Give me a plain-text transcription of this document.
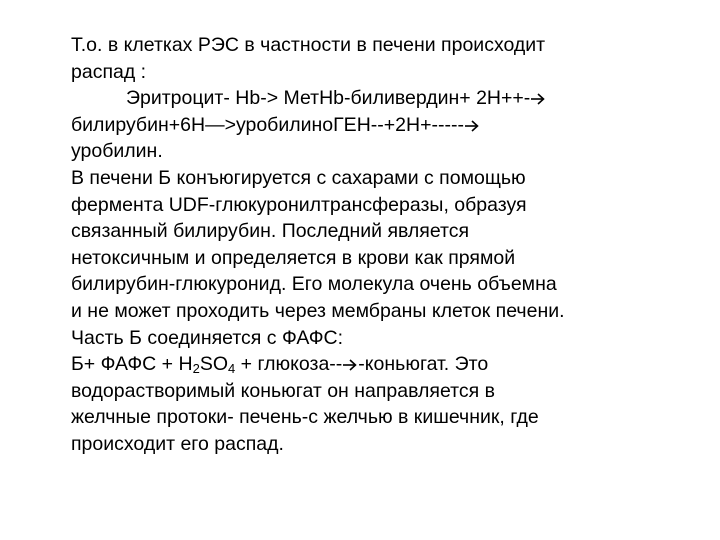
Т.о. в клетках РЭС в частности в печени происходит
распад :
Эритроцит- Hb-> МетHb-биливердин+ 2H++-
билирубин+6H—>уробилиноГЕН--+2H+-----
уробилин.
В печени Б конъюгируется с сахарами с помощью
фермента UDF-глюкуронилтрансферазы, образуя
связанный билирубин. Последний является
нетоксичным и определяется в крови как прямой
билирубин-глюкуронид. Его молекула очень объемна
и не может проходить через мембраны клеток печени.
Часть Б соединяется с ФАФС:
Б+ ФАФС + $H_2SO_4$ + глюкоза-- -коньюгат. Это
водорастворимый коньюгат он направляется в
желчные протоки- печень-с желчью в кишечник, где
происходит его распад.
